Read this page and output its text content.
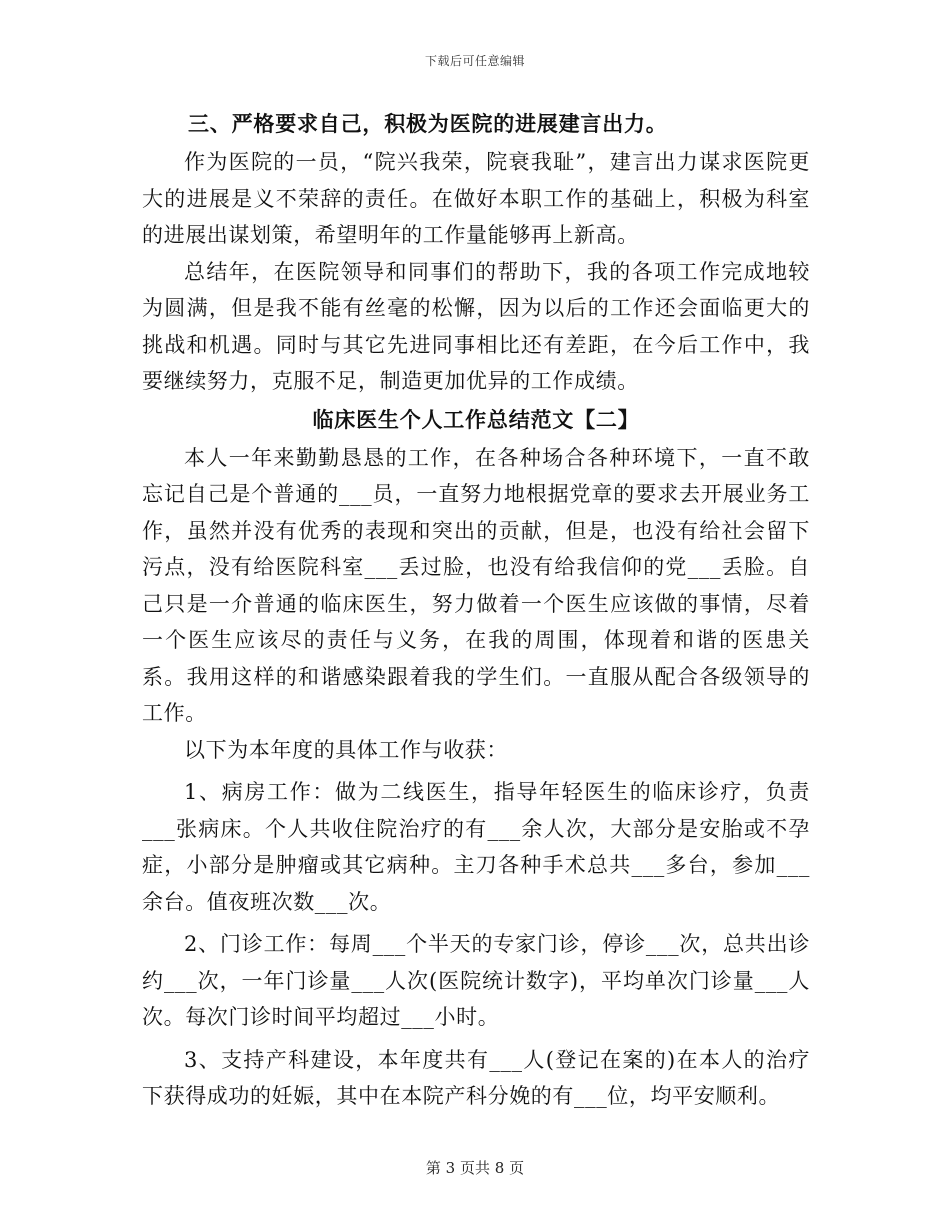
下载后可任意编辑

三、严格要求自己，积极为医院的进展建言出力。

作为医院的一员，“院兴我荣，院衰我耻”，建言出力谋求医院更大的进展是义不荣辞的责任。在做好本职工作的基础上，积极为科室的进展出谋划策，希望明年的工作量能够再上新高。

总结年，在医院领导和同事们的帮助下，我的各项工作完成地较为圆满，但是我不能有丝毫的松懈，因为以后的工作还会面临更大的挑战和机遇。同时与其它先进同事相比还有差距，在今后工作中，我要继续努力，克服不足，制造更加优异的工作成绩。

临床医生个人工作总结范文【二】

本人一年来勤勤恳恳的工作，在各种场合各种环境下，一直不敢忘记自己是个普通的___员，一直努力地根据党章的要求去开展业务工作，虽然并没有优秀的表现和突出的贡献，但是，也没有给社会留下污点，没有给医院科室___丢过脸，也没有给我信仰的党___丢脸。自己只是一介普通的临床医生，努力做着一个医生应该做的事情，尽着一个医生应该尽的责任与义务，在我的周围，体现着和谐的医患关系。我用这样的和谐感染跟着我的学生们。一直服从配合各级领导的工作。

以下为本年度的具体工作与收获：

1、病房工作：做为二线医生，指导年轻医生的临床诊疗，负责___张病床。个人共收住院治疗的有___余人次，大部分是安胎或不孕症，小部分是肿瘤或其它病种。主刀各种手术总共___多台，参加___余台。值夜班次数___次。

2、门诊工作：每周___个半天的专家门诊，停诊___次，总共出诊约___次，一年门诊量___人次(医院统计数字)，平均单次门诊量___人次。每次门诊时间平均超过___小时。

3、支持产科建设，本年度共有___人(登记在案的)在本人的治疗下获得成功的妊娠，其中在本院产科分娩的有___位，均平安顺利。

第 3 页共 8 页
